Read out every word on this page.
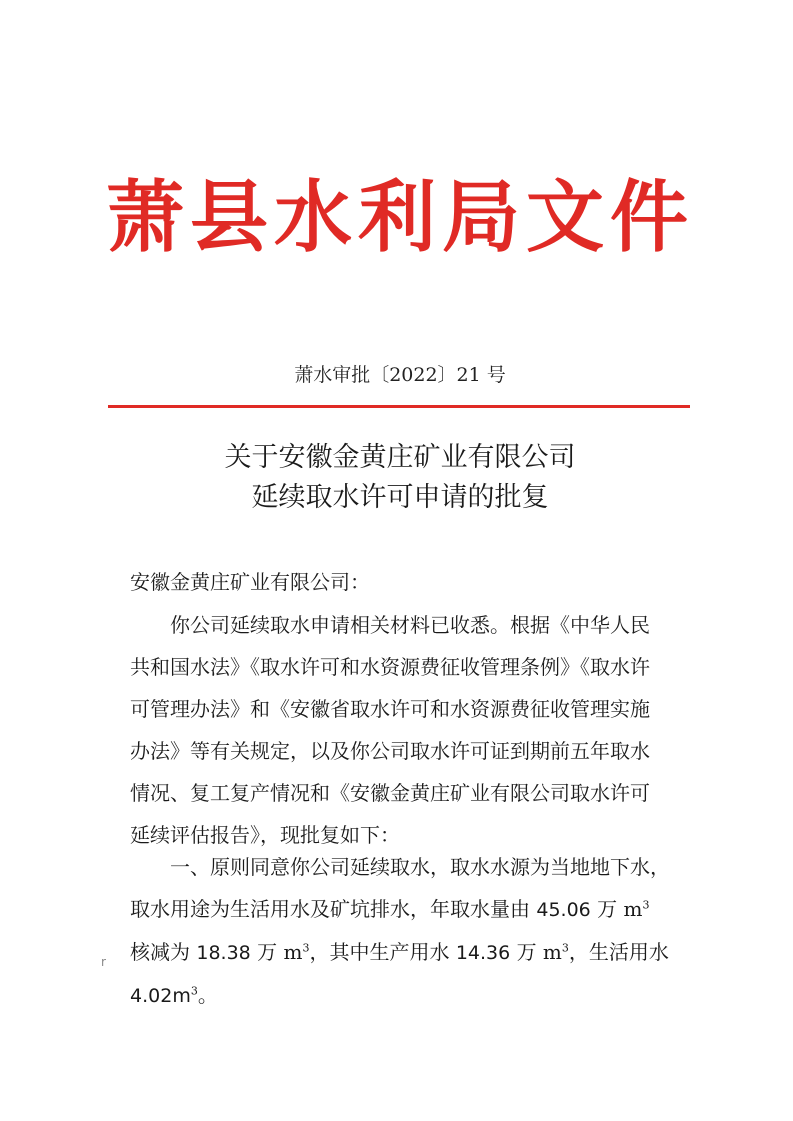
萧县水利局文件
萧水审批〔2022〕21 号
关于安徽金黄庄矿业有限公司
延续取水许可申请的批复
安徽金黄庄矿业有限公司：
　　你公司延续取水申请相关材料已收悉。根据《中华人民
共和国水法》《取水许可和水资源费征收管理条例》《取水许
可管理办法》和《安徽省取水许可和水资源费征收管理实施
办法》等有关规定，以及你公司取水许可证到期前五年取水
情况、复工复产情况和《安徽金黄庄矿业有限公司取水许可
延续评估报告》，现批复如下：
　　一、原则同意你公司延续取水，取水水源为当地地下水，
取水用途为生活用水及矿坑排水，年取水量由 45.06 万 $m^3$
核减为 18.38 万 $m^3$，其中生产用水 14.36 万 $m^3$，生活用水
$4.02m^3$。
r
